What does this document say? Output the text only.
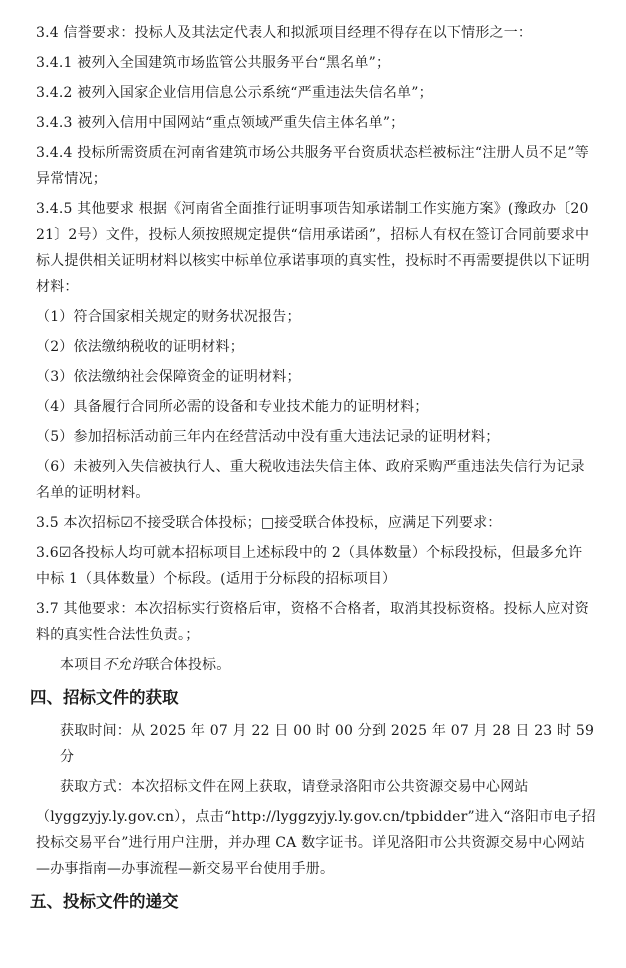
3.4 信誉要求：投标人及其法定代表人和拟派项目经理不得存在以下情形之一：

3.4.1 被列入全国建筑市场监管公共服务平台“黑名单”；

3.4.2 被列入国家企业信用信息公示系统“严重违法失信名单”；

3.4.3 被列入信用中国网站“重点领域严重失信主体名单”；

3.4.4 投标所需资质在河南省建筑市场公共服务平台资质状态栏被标注“注册人员不足”等异常情况；

3.4.5 其他要求 根据《河南省全面推行证明事项告知承诺制工作实施方案》(豫政办〔2021〕2号）文件，投标人须按照规定提供“信用承诺函”，招标人有权在签订合同前要求中标人提供相关证明材料以核实中标单位承诺事项的真实性，投标时不再需要提供以下证明材料：

（1）符合国家相关规定的财务状况报告；

（2）依法缴纳税收的证明材料；

（3）依法缴纳社会保障资金的证明材料；

（4）具备履行合同所必需的设备和专业技术能力的证明材料；

（5）参加招标活动前三年内在经营活动中没有重大违法记录的证明材料；

（6）未被列入失信被执行人、重大税收违法失信主体、政府采购严重违法失信行为记录名单的证明材料。

3.5 本次招标☑不接受联合体投标；□接受联合体投标，应满足下列要求：

3.6☑各投标人均可就本招标项目上述标段中的 2（具体数量）个标段投标，但最多允许中标 1（具体数量）个标段。(适用于分标段的招标项目）

3.7 其他要求：本次招标实行资格后审，资格不合格者，取消其投标资格。投标人应对资料的真实性合法性负责。；

本项目不允许联合体投标。

四、招标文件的获取

获取时间：从 2025 年 07 月 22 日 00 时 00 分到 2025 年 07 月 28 日 23 时 59 分

获取方式：本次招标文件在网上获取，请登录洛阳市公共资源交易中心网站

（lyggzyjy.ly.gov.cn），点击“http://lyggzyjy.ly.gov.cn/tpbidder”进入“洛阳市电子招投标交易平台”进行用户注册，并办理 CA 数字证书。详见洛阳市公共资源交易中心网站—办事指南—办事流程—新交易平台使用手册。

五、投标文件的递交
